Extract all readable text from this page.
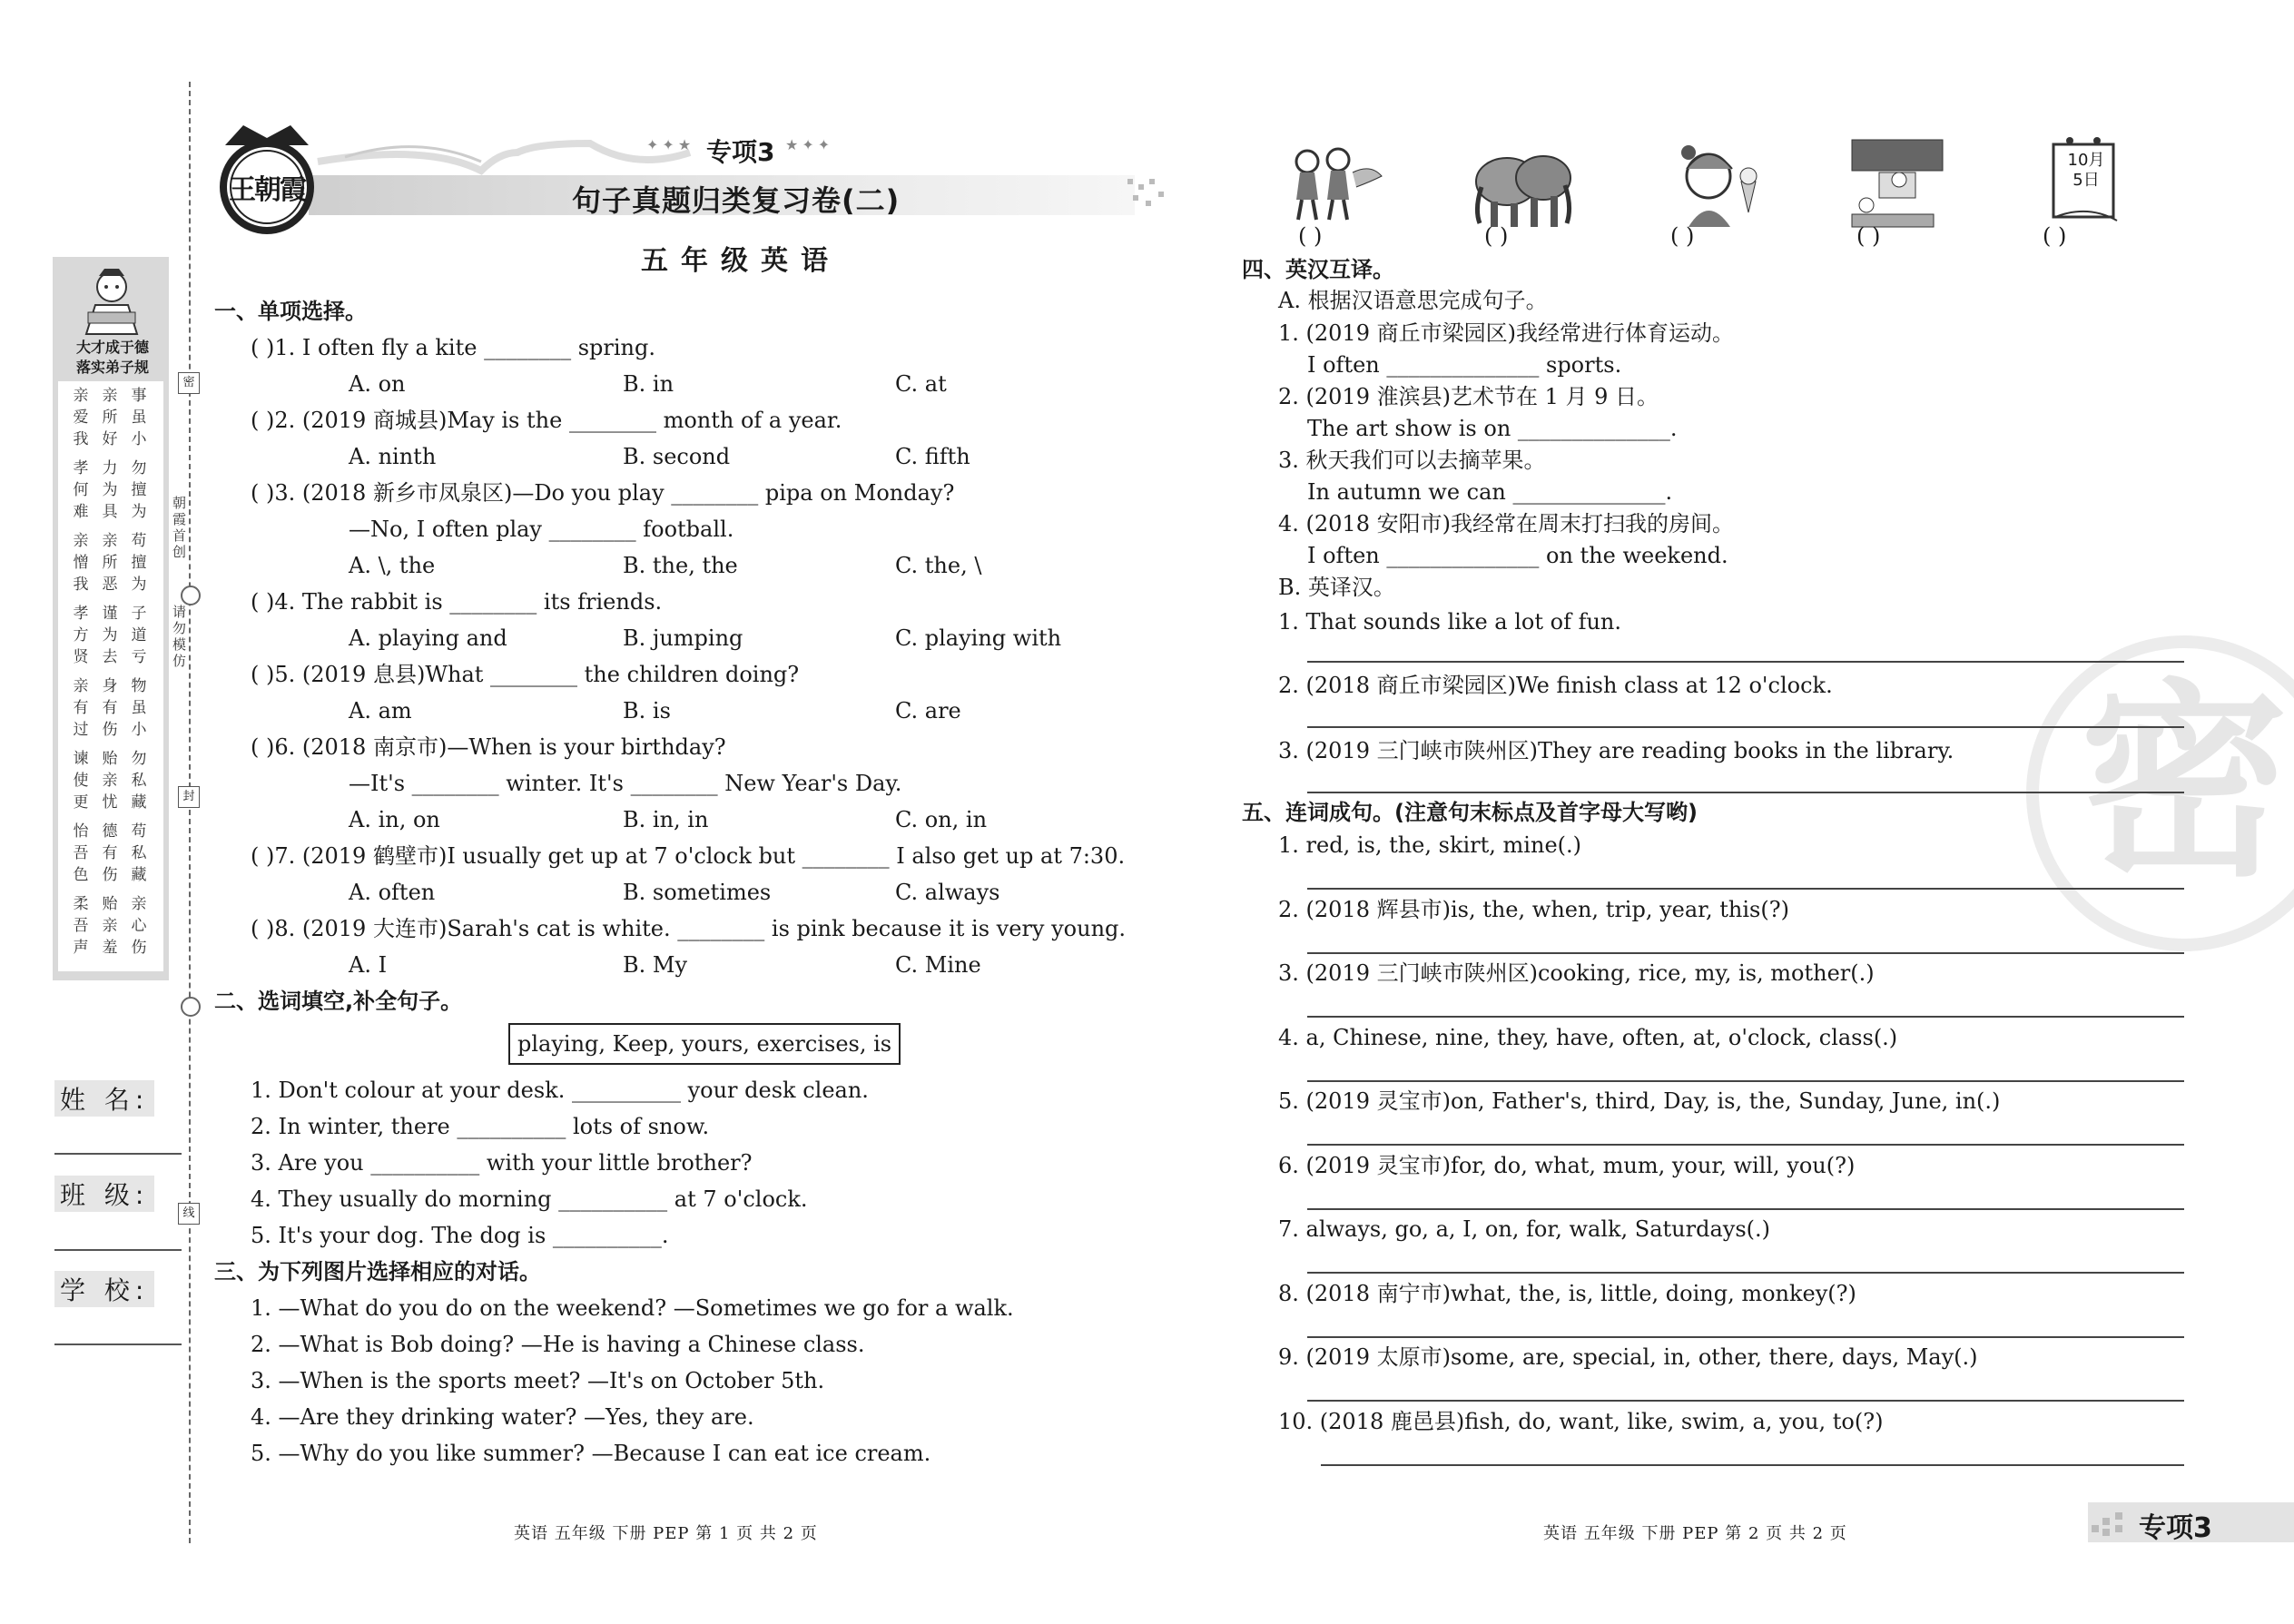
密
封
线
朝霞首创
请勿模仿
大才成于德
落实弟子规
亲爱我
亲所好
事虽小
孝何难
力为具
勿擅为
亲憎我
亲所恶
苟擅为
孝方贤
谨为去
子道亏
亲有过
身有伤
物虽小
谏使更
贻亲忧
勿私藏
怡吾色
德有伤
苟私藏
柔吾声
贻亲羞
亲心伤
姓 名:
班 级:
学 校:
王朝霞
✦✦★ 专项3 ★✦✦
句子真题归类复习卷(二)
五年级英语
一、单项选择。
( )1. I often fly a kite ________ spring.
A. on	B. in	C. at
( )2. (2019 商城县)May is the ________ month of a year.
A. ninth	B. second	C. fifth
( )3. (2018 新乡市凤泉区)—Do you play ________ pipa on Monday?
—No, I often play ________ football.
A. \, the	B. the, the	C. the, \
( )4. The rabbit is ________ its friends.
A. playing and	B. jumping	C. playing with
( )5. (2019 息县)What ________ the children doing?
A. am	B. is	C. are
( )6. (2018 南京市)—When is your birthday?
—It's ________ winter. It's ________ New Year's Day.
A. in, on	B. in, in	C. on, in
( )7. (2019 鹤壁市)I usually get up at 7 o'clock but ________ I also get up at 7:30.
A. often	B. sometimes	C. always
( )8. (2019 大连市)Sarah's cat is white. ________ is pink because it is very young.
A. I	B. My	C. Mine
二、选词填空,补全句子。
playing, Keep, yours, exercises, is
1. Don't colour at your desk. __________ your desk clean.
2. In winter, there __________ lots of snow.
3. Are you __________ with your little brother?
4. They usually do morning __________ at 7 o'clock.
5. It's your dog. The dog is __________.
三、为下列图片选择相应的对话。
1. —What do you do on the weekend? —Sometimes we go for a walk.
2. —What is Bob doing? —He is having a Chinese class.
3. —When is the sports meet? —It's on October 5th.
4. —Are they drinking water? —Yes, they are.
5. —Why do you like summer? —Because I can eat ice cream.
英语 五年级 下册 PEP 第 1 页 共 2 页
10月 5日
( )	( )	( )	( )	( )
密
四、英汉互译。
A. 根据汉语意思完成句子。
1. (2019 商丘市梁园区)我经常进行体育运动。
I often ______________ sports.
2. (2019 淮滨县)艺术节在 1 月 9 日。
The art show is on ______________.
3. 秋天我们可以去摘苹果。
In autumn we can ______________.
4. (2018 安阳市)我经常在周末打扫我的房间。
I often ______________ on the weekend.
B. 英译汉。
1. That sounds like a lot of fun.
2. (2018 商丘市梁园区)We finish class at 12 o'clock.
3. (2019 三门峡市陕州区)They are reading books in the library.
五、连词成句。(注意句末标点及首字母大写哟)
1. red, is, the, skirt, mine(.)
2. (2018 辉县市)is, the, when, trip, year, this(?)
3. (2019 三门峡市陕州区)cooking, rice, my, is, mother(.)
4. a, Chinese, nine, they, have, often, at, o'clock, class(.)
5. (2019 灵宝市)on, Father's, third, Day, is, the, Sunday, June, in(.)
6. (2019 灵宝市)for, do, what, mum, your, will, you(?)
7. always, go, a, I, on, for, walk, Saturdays(.)
8. (2018 南宁市)what, the, is, little, doing, monkey(?)
9. (2019 太原市)some, are, special, in, other, there, days, May(.)
10. (2018 鹿邑县)fish, do, want, like, swim, a, you, to(?)
英语 五年级 下册 PEP 第 2 页 共 2 页	专项3
